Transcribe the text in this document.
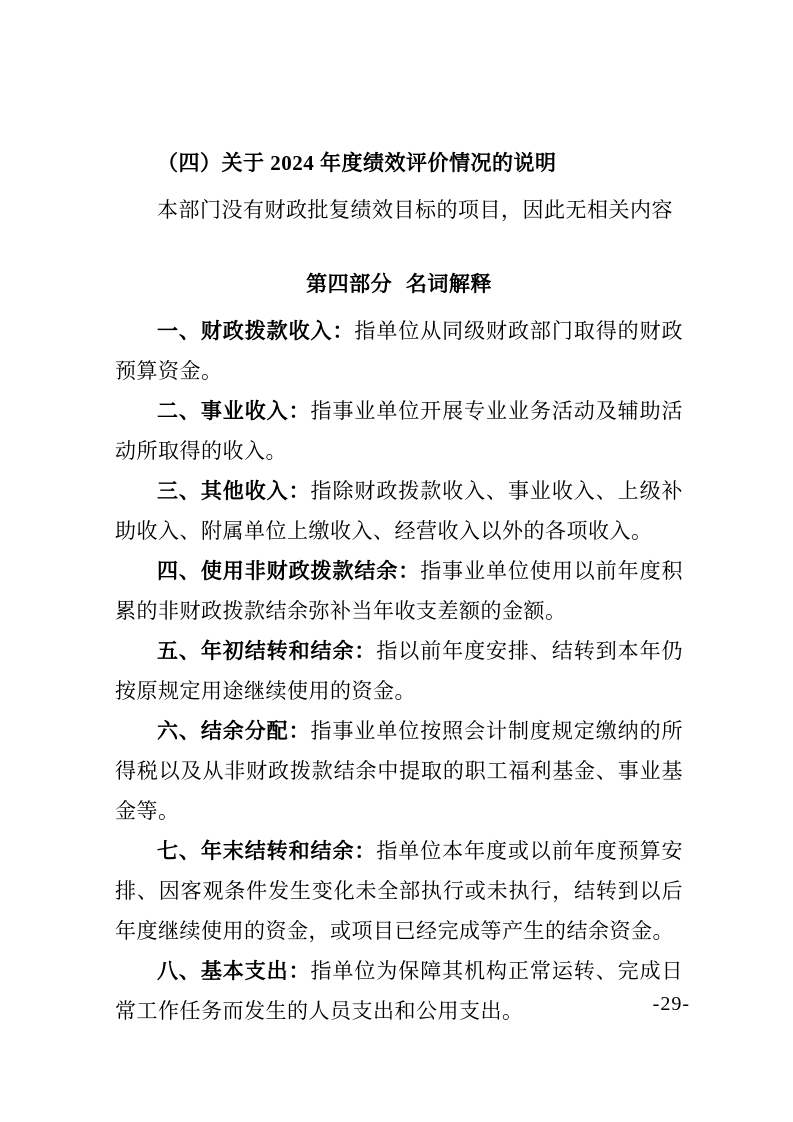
（四）关于 2024 年度绩效评价情况的说明

本部门没有财政批复绩效目标的项目，因此无相关内容

第四部分 名词解释

一、财政拨款收入：指单位从同级财政部门取得的财政预算资金。

二、事业收入：指事业单位开展专业业务活动及辅助活动所取得的收入。

三、其他收入：指除财政拨款收入、事业收入、上级补助收入、附属单位上缴收入、经营收入以外的各项收入。

四、使用非财政拨款结余：指事业单位使用以前年度积累的非财政拨款结余弥补当年收支差额的金额。

五、年初结转和结余：指以前年度安排、结转到本年仍按原规定用途继续使用的资金。

六、结余分配：指事业单位按照会计制度规定缴纳的所得税以及从非财政拨款结余中提取的职工福利基金、事业基金等。

七、年末结转和结余：指单位本年度或以前年度预算安排、因客观条件发生变化未全部执行或未执行，结转到以后年度继续使用的资金，或项目已经完成等产生的结余资金。

八、基本支出：指单位为保障其机构正常运转、完成日常工作任务而发生的人员支出和公用支出。	-29-
